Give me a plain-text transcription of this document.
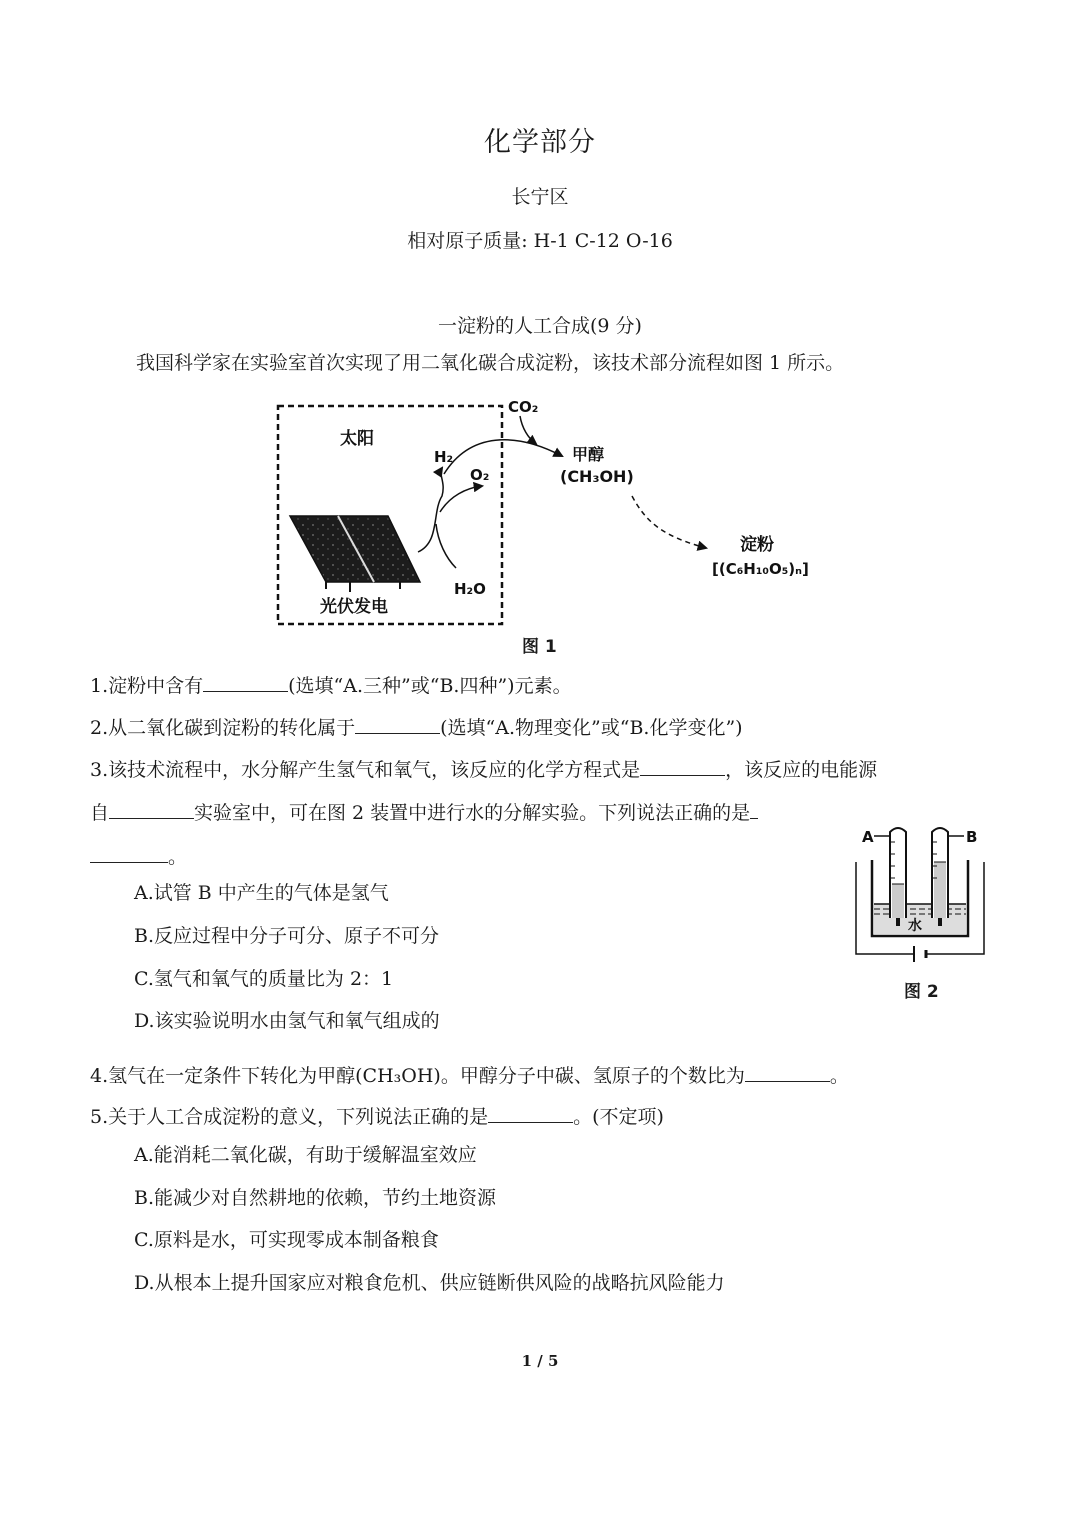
化学部分
长宁区
相对原子质量: H-1 C-12 O-16
一淀粉的人工合成(9 分)
我国科学家在实验室首次实现了用二氧化碳合成淀粉，该技术部分流程如图 1 所示。
太阳
光伏发电
H₂
O₂
H₂O
CO₂
甲醇
(CH₃OH)
淀粉
[(C₆H₁₀O₅)ₙ]
图 1
1.淀粉中含有	(选填“A.三种”或“B.四种”)元素。
2.从二氧化碳到淀粉的转化属于	(选填“A.物理变化”或“B.化学变化”)
3.该技术流程中，水分解产生氢气和氧气，该反应的化学方程式是	，该反应的电能源
自	实验室中，可在图 2 装置中进行水的分解实验。下列说法正确的是
。
A.试管 B 中产生的气体是氢气
B.反应过程中分子可分、原子不可分
C.氢气和氧气的质量比为 2：1
D.该实验说明水由氢气和氧气组成的
水
A	B
图 2
4.氢气在一定条件下转化为甲醇(CH₃OH)。甲醇分子中碳、氢原子的个数比为	。
5.关于人工合成淀粉的意义，下列说法正确的是	。(不定项)
A.能消耗二氧化碳，有助于缓解温室效应
B.能减少对自然耕地的依赖，节约土地资源
C.原料是水，可实现零成本制备粮食
D.从根本上提升国家应对粮食危机、供应链断供风险的战略抗风险能力
1 / 5
